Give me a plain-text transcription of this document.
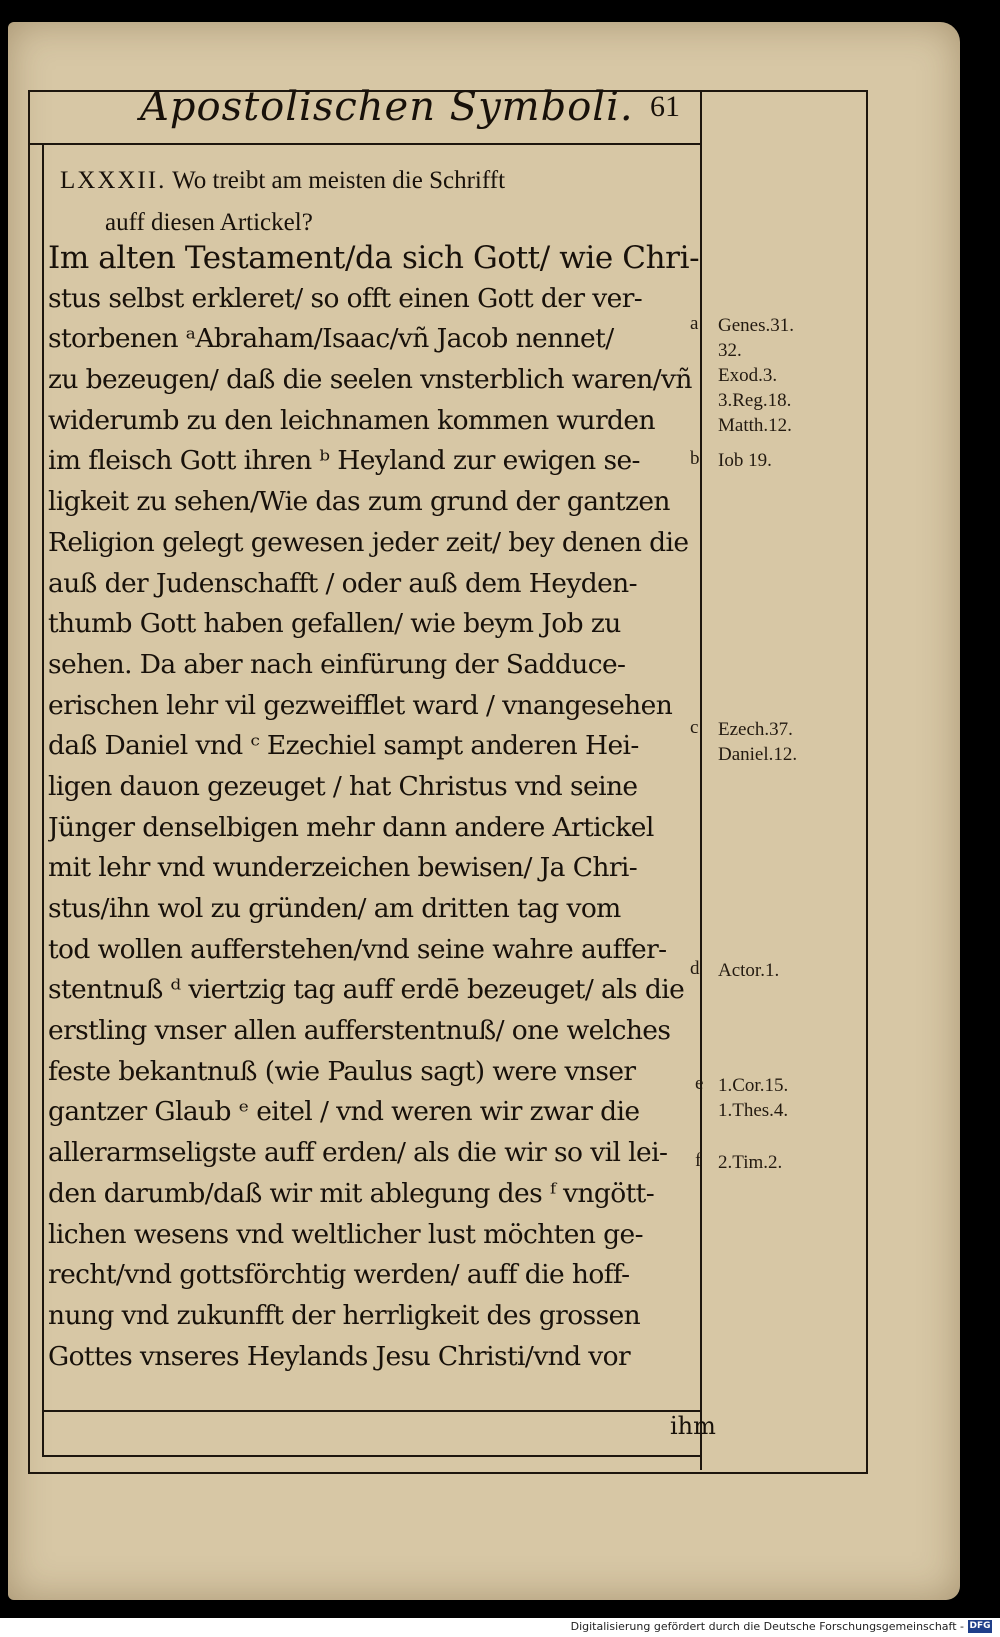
Apostolischen Symboli. 61
LXXXII. Wo treibt am meisten die Schrifft
auff diesen Artickel?
Im alten Testament/da sich Gott/ wie Chri-
stus selbst erkleret/ so offt einen Gott der ver-
storbenen ᵃAbraham/Isaac/vñ Jacob nennet/
zu bezeugen/ daß die seelen vnsterblich waren/vñ
widerumb zu den leichnamen kommen wurden
im fleisch Gott ihren ᵇ Heyland zur ewigen se-
ligkeit zu sehen/Wie das zum grund der gantzen
Religion gelegt gewesen jeder zeit/ bey denen die
auß der Judenschafft / oder auß dem Heyden-
thumb Gott haben gefallen/ wie beym Job zu
sehen. Da aber nach einfürung der Sadduce-
erischen lehr vil gezweifflet ward / vnangesehen
daß Daniel vnd ᶜ Ezechiel sampt anderen Hei-
ligen dauon gezeuget / hat Christus vnd seine
Jünger denselbigen mehr dann andere Artickel
mit lehr vnd wunderzeichen bewisen/ Ja Chri-
stus/ihn wol zu gründen/ am dritten tag vom
tod wollen aufferstehen/vnd seine wahre auffer-
stentnuß ᵈ viertzig tag auff erdē bezeuget/ als die
erstling vnser allen aufferstentnuß/ one welches
feste bekantnuß (wie Paulus sagt) were vnser
gantzer Glaub ᵉ eitel / vnd weren wir zwar die
allerarmseligste auff erden/ als die wir so vil lei-
den darumb/daß wir mit ablegung des ᶠ vngött-
lichen wesens vnd weltlicher lust möchten ge-
recht/vnd gottsförchtig werden/ auff die hoff-
nung vnd zukunfft der herrligkeit des grossen
Gottes vnseres Heylands Jesu Christi/vnd vor
a Genes.31.
32.
Exod.3.
3.Reg.18.
Matth.12.
b Iob 19.
c Ezech.37.
Daniel.12.
d Actor.1.
e 1.Cor.15.
1.Thes.4.
f 2.Tim.2.
ihm
Digitalisierung gefördert durch die Deutsche Forschungsgemeinschaft - DFG
